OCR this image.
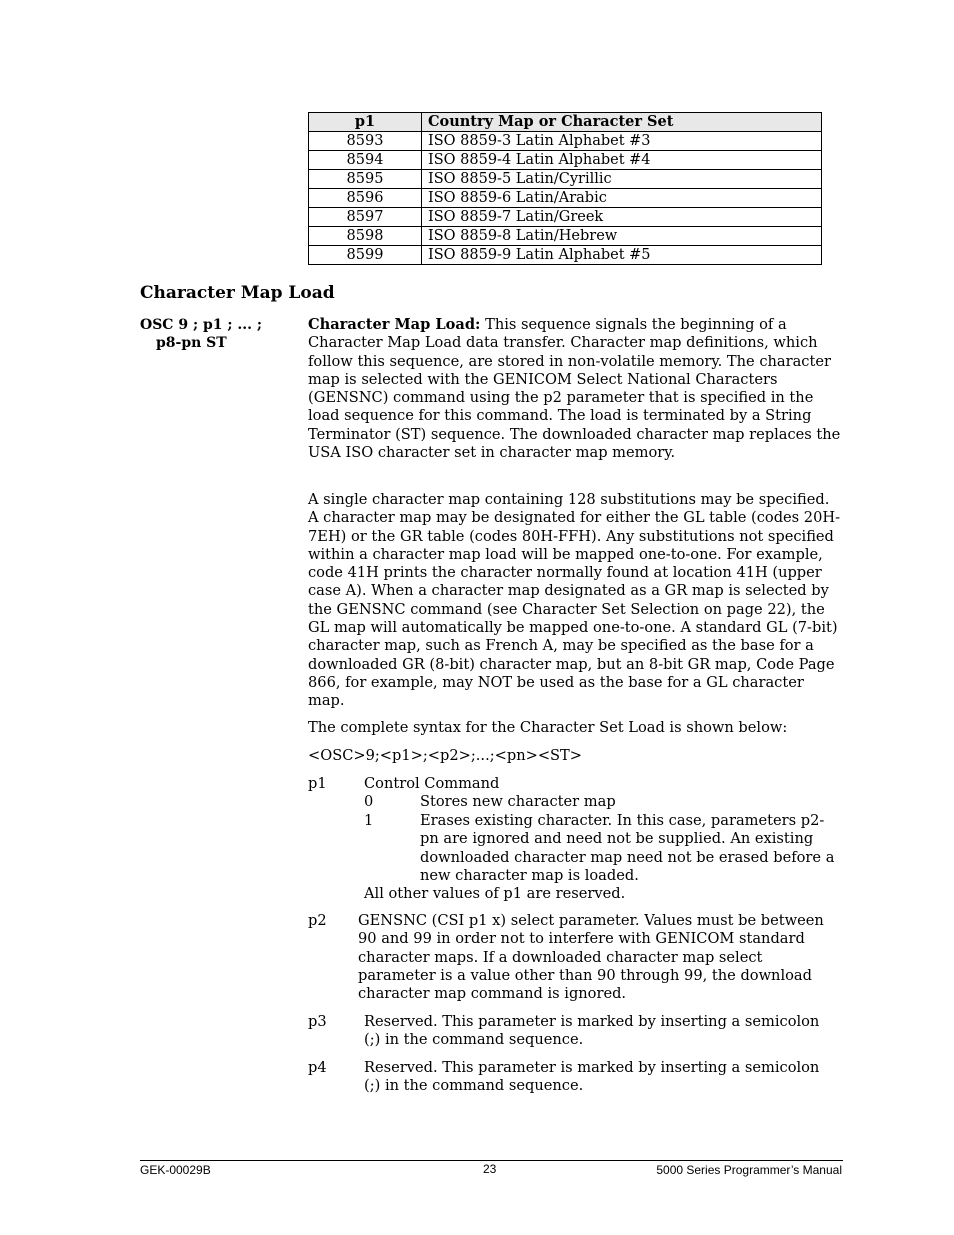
p1	Country Map or Character Set
8593	ISO 8859-3 Latin Alphabet #3
8594	ISO 8859-4 Latin Alphabet #4
8595	ISO 8859-5 Latin/Cyrillic
8596	ISO 8859-6 Latin/Arabic
8597	ISO 8859-7 Latin/Greek
8598	ISO 8859-8 Latin/Hebrew
8599	ISO 8859-9 Latin Alphabet #5
Character Map Load
OSC 9 ; p1 ; ... ;
p8-pn ST

Character Map Load: This sequence signals the beginning of a Character Map Load data transfer. Character map definitions, which follow this sequence, are stored in non-volatile memory. The character map is selected with the GENICOM Select National Characters (GENSNC) command using the p2 parameter that is specified in the load sequence for this command. The load is terminated by a String Terminator (ST) sequence. The downloaded character map replaces the USA ISO character set in character map memory.

A single character map containing 128 substitutions may be specified. A character map may be designated for either the GL table (codes 20H-7EH) or the GR table (codes 80H-FFH). Any substitutions not specified within a character map load will be mapped one-to-one. For example, code 41H prints the character normally found at location 41H (upper case A). When a character map designated as a GR map is selected by the GENSNC command (see Character Set Selection on page 22), the GL map will automatically be mapped one-to-one. A standard GL (7-bit) character map, such as French A, may be specified as the base for a downloaded GR (8-bit) character map, but an 8-bit GR map, Code Page 866, for example, may NOT be used as the base for a GL character map.

The complete syntax for the Character Set Load is shown below:

<OSC>9;<p1>;<p2>;...;<pn><ST>

p1	Control Command
0	Stores new character map
1	Erases existing character. In this case, parameters p2-pn are ignored and need not be supplied. An existing downloaded character map need not be erased before a new character map is loaded.
All other values of p1 are reserved.
p2 GENSNC (CSI p1 x) select parameter. Values must be between 90 and 99 in order not to interfere with GENICOM standard character maps. If a downloaded character map select parameter is a value other than 90 through 99, the download character map command is ignored.
p3	Reserved. This parameter is marked by inserting a semicolon (;) in the command sequence.
p4	Reserved. This parameter is marked by inserting a semicolon (;) in the command sequence.
GEK-00029B	23	5000 Series Programmer’s Manual
